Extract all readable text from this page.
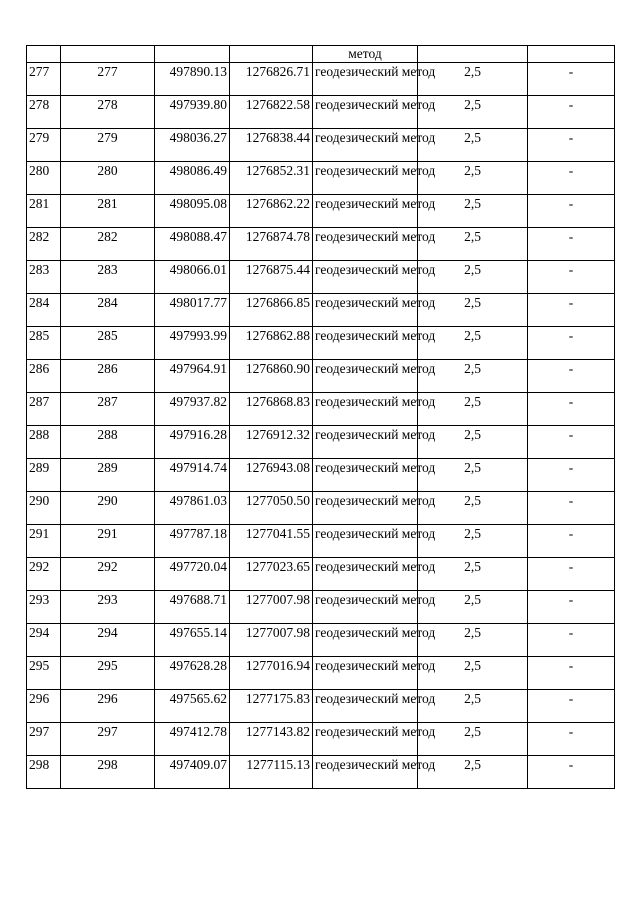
				метод		
277	277	497890.13	1276826.71	геодезический метод	2,5	-
278	278	497939.80	1276822.58	геодезический метод	2,5	-
279	279	498036.27	1276838.44	геодезический метод	2,5	-
280	280	498086.49	1276852.31	геодезический метод	2,5	-
281	281	498095.08	1276862.22	геодезический метод	2,5	-
282	282	498088.47	1276874.78	геодезический метод	2,5	-
283	283	498066.01	1276875.44	геодезический метод	2,5	-
284	284	498017.77	1276866.85	геодезический метод	2,5	-
285	285	497993.99	1276862.88	геодезический метод	2,5	-
286	286	497964.91	1276860.90	геодезический метод	2,5	-
287	287	497937.82	1276868.83	геодезический метод	2,5	-
288	288	497916.28	1276912.32	геодезический метод	2,5	-
289	289	497914.74	1276943.08	геодезический метод	2,5	-
290	290	497861.03	1277050.50	геодезический метод	2,5	-
291	291	497787.18	1277041.55	геодезический метод	2,5	-
292	292	497720.04	1277023.65	геодезический метод	2,5	-
293	293	497688.71	1277007.98	геодезический метод	2,5	-
294	294	497655.14	1277007.98	геодезический метод	2,5	-
295	295	497628.28	1277016.94	геодезический метод	2,5	-
296	296	497565.62	1277175.83	геодезический метод	2,5	-
297	297	497412.78	1277143.82	геодезический метод	2,5	-
298	298	497409.07	1277115.13	геодезический метод	2,5	-
